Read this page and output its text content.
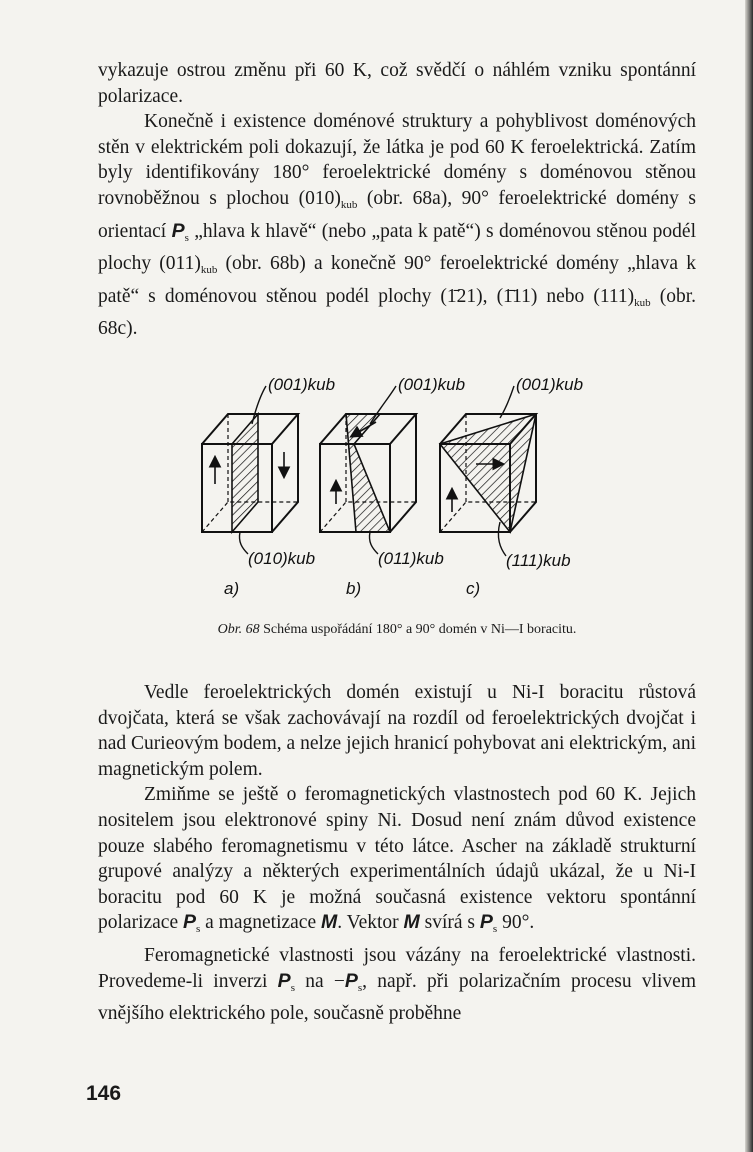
vykazuje ostrou změnu při 60 K, což svědčí o náhlém vzniku spontánní polarizace.

Konečně i existence doménové struktury a pohyblivost doménových stěn v elektrickém poli dokazují, že látka je pod 60 K feroelektrická. Zatím byly identifikovány 180° feroelektrické domény s doménovou stěnou rovnoběžnou s plochou $(010)_{kub}$ (obr. 68a), 90° feroelektrické domény s orientací $P_s$ „hlava k hlavě“ (nebo „pata k patě“) s doménovou stěnou podél plochy $(011)_{kub}$ (obr. 68b) a konečně 90° feroelektrické domény „hlava k patě“ s doménovou stěnou podél plochy (1̄21), (1̄11) nebo $(111)_{kub}$ (obr. 68c).

(001)kub	(001)kub	(001)kub
(010)kub	(011)kub	(111)kub
a)	b)	c)
Obr. 68 Schéma uspořádání 180° a 90° domén v Ni—I boracitu.

Vedle feroelektrických domén existují u Ni-I boracitu růstová dvojčata, která se však zachovávají na rozdíl od feroelektrických dvojčat i nad Curieovým bodem, a nelze jejich hranicí pohybovat ani elektrickým, ani magnetickým polem.

Zmiňme se ještě o feromagnetických vlastnostech pod 60 K. Jejich nositelem jsou elektronové spiny Ni. Dosud není znám důvod existence pouze slabého feromagnetismu v této látce. Ascher na základě strukturní grupové analýzy a některých experimentálních údajů ukázal, že u Ni-I boracitu pod 60 K je možná současná existence vektoru spontánní polarizace $P_s$ a magnetizace M. Vektor M svírá s $P_s$ 90°.

Feromagnetické vlastnosti jsou vázány na feroelektrické vlastnosti. Provedeme-li inverzi $P_s$ na $-P_s$, např. při polarizačním procesu vlivem vnějšího elektrického pole, současně proběhne

146
